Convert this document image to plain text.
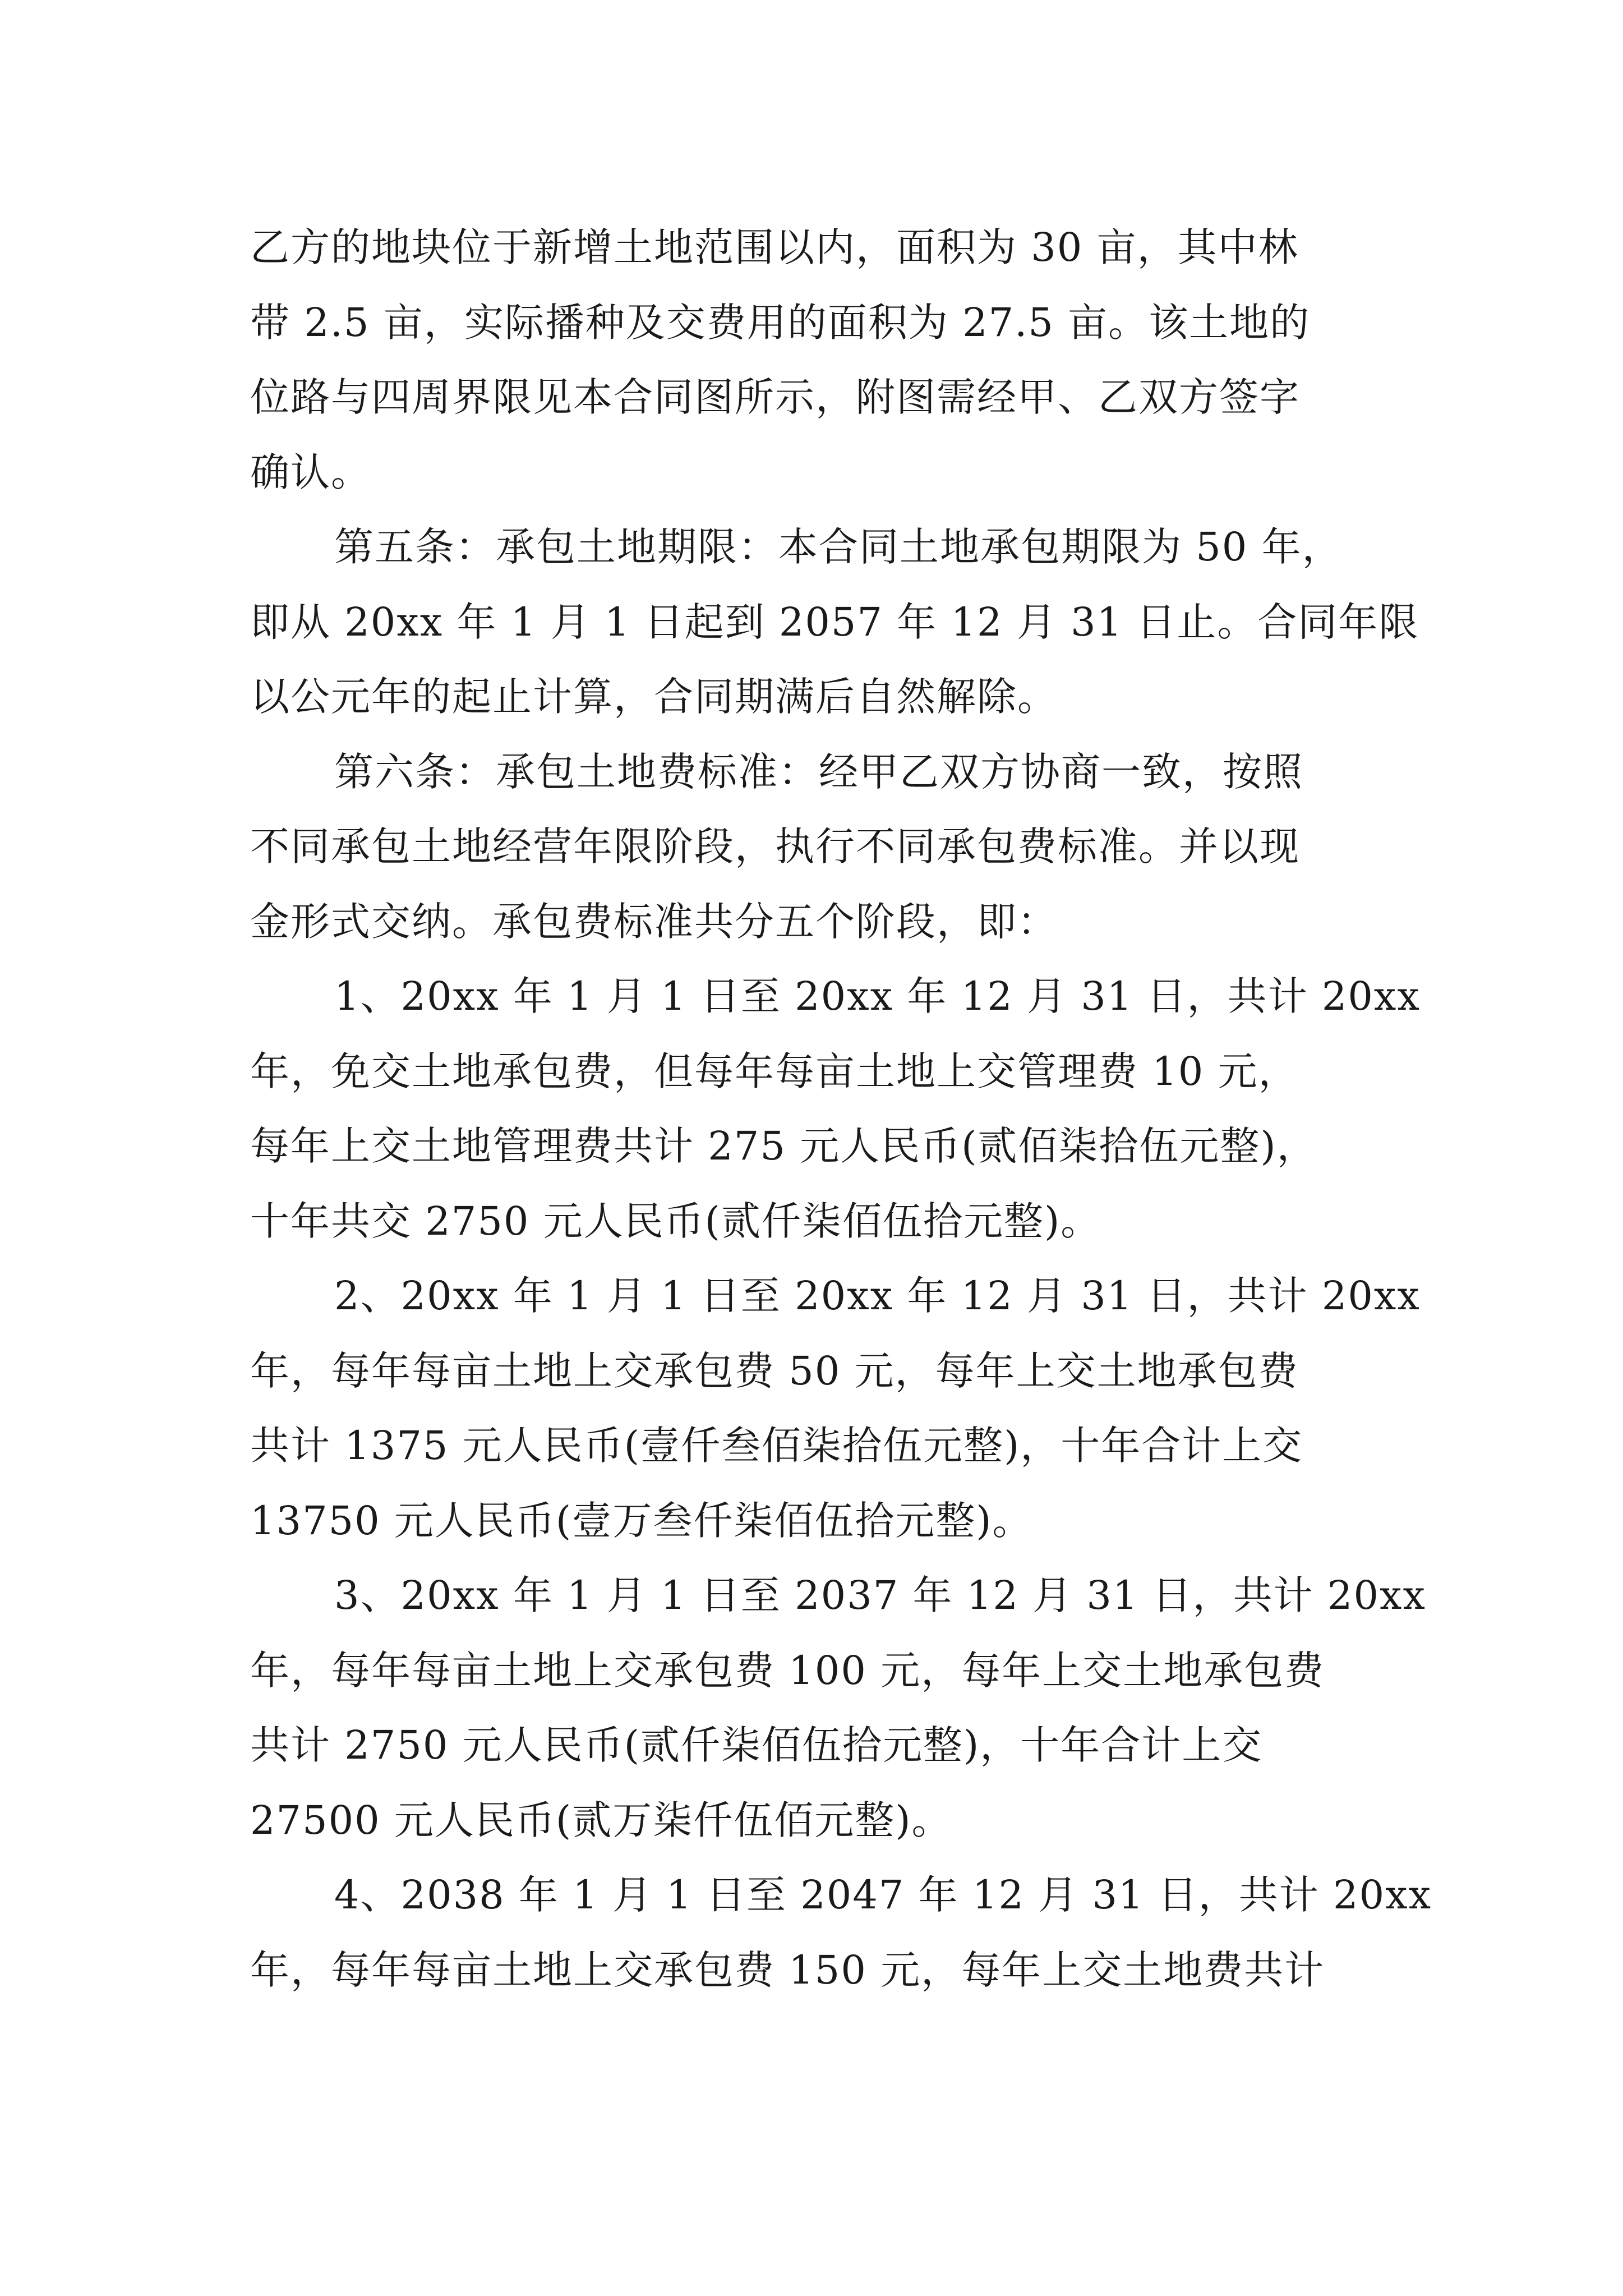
乙方的地块位于新增土地范围以内，面积为 30 亩，其中林
带 2.5 亩，实际播种及交费用的面积为 27.5 亩。该土地的
位路与四周界限见本合同图所示，附图需经甲、乙双方签字
确认。
第五条：承包土地期限：本合同土地承包期限为 50 年，
即从 20xx 年 1 月 1 日起到 2057 年 12 月 31 日止。合同年限
以公元年的起止计算，合同期满后自然解除。
第六条：承包土地费标准：经甲乙双方协商一致，按照
不同承包土地经营年限阶段，执行不同承包费标准。并以现
金形式交纳。承包费标准共分五个阶段，即：
1、20xx 年 1 月 1 日至 20xx 年 12 月 31 日，共计 20xx
年，免交土地承包费，但每年每亩土地上交管理费 10 元，
每年上交土地管理费共计 275 元人民币(贰佰柒拾伍元整)，
十年共交 2750 元人民币(贰仟柒佰伍拾元整)。
2、20xx 年 1 月 1 日至 20xx 年 12 月 31 日，共计 20xx
年，每年每亩土地上交承包费 50 元，每年上交土地承包费
共计 1375 元人民币(壹仟叁佰柒拾伍元整)，十年合计上交
13750 元人民币(壹万叁仟柒佰伍拾元整)。
3、20xx 年 1 月 1 日至 2037 年 12 月 31 日，共计 20xx
年，每年每亩土地上交承包费 100 元，每年上交土地承包费
共计 2750 元人民币(贰仟柒佰伍拾元整)，十年合计上交
27500 元人民币(贰万柒仟伍佰元整)。
4、2038 年 1 月 1 日至 2047 年 12 月 31 日，共计 20xx
年，每年每亩土地上交承包费 150 元，每年上交土地费共计
